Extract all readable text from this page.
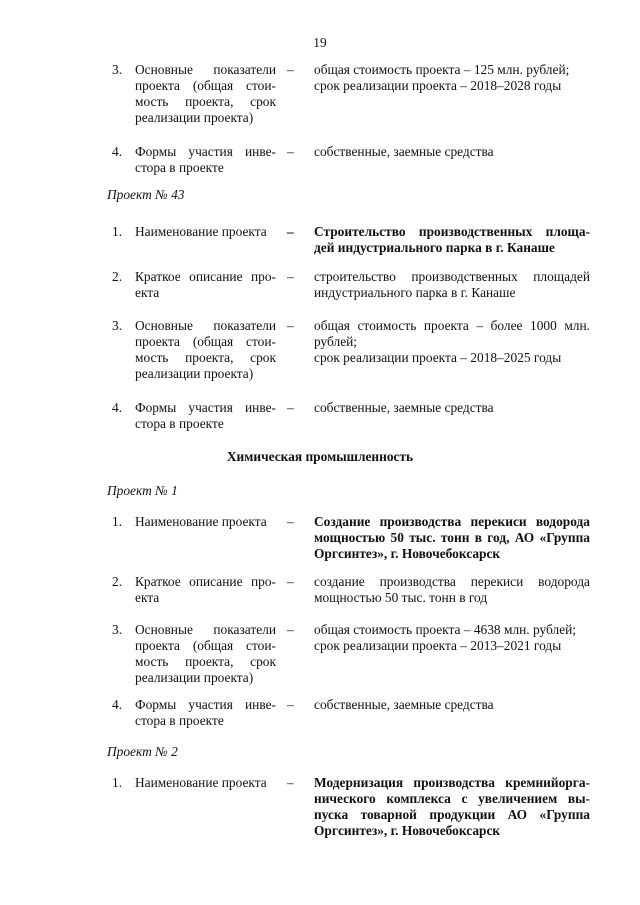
19
3. Основные показатели
проекта (общая стои-
мость проекта, срок
реализации проекта)
–	общая стоимость проекта – 125 млн. рублей;
срок реализации проекта – 2018–2028 годы
4. Формы участия инве-
стора в проекте
–	собственные, заемные средства
Проект № 43
1. Наименование проекта	–	Строительство производственных площа-
дей индустриального парка в г. Канаше
2. Краткое описание про-
екта
–	строительство производственных площадей
индустриального парка в г. Канаше
3. Основные показатели
проекта (общая стои-
мость проекта, срок
реализации проекта)
–	общая стоимость проекта – более 1000 млн.
рублей;
срок реализации проекта – 2018–2025 годы
4. Формы участия инве-
стора в проекте
–	собственные, заемные средства
Химическая промышленность
Проект № 1
1. Наименование проекта	–	Создание производства перекиси водорода
мощностью 50 тыс. тонн в год, АО «Группа
Оргсинтез», г. Новочебоксарск
2. Краткое описание про-
екта
–	создание производства перекиси водорода
мощностью 50 тыс. тонн в год
3. Основные показатели
проекта (общая стои-
мость проекта, срок
реализации проекта)
–	общая стоимость проекта – 4638 млн. рублей;
срок реализации проекта – 2013–2021 годы
4. Формы участия инве-
стора в проекте
–	собственные, заемные средства
Проект № 2
1. Наименование проекта	–	Модернизация производства кремнийорга-
нического комплекса с увеличением вы-
пуска товарной продукции АО «Группа
Оргсинтез», г. Новочебоксарск
